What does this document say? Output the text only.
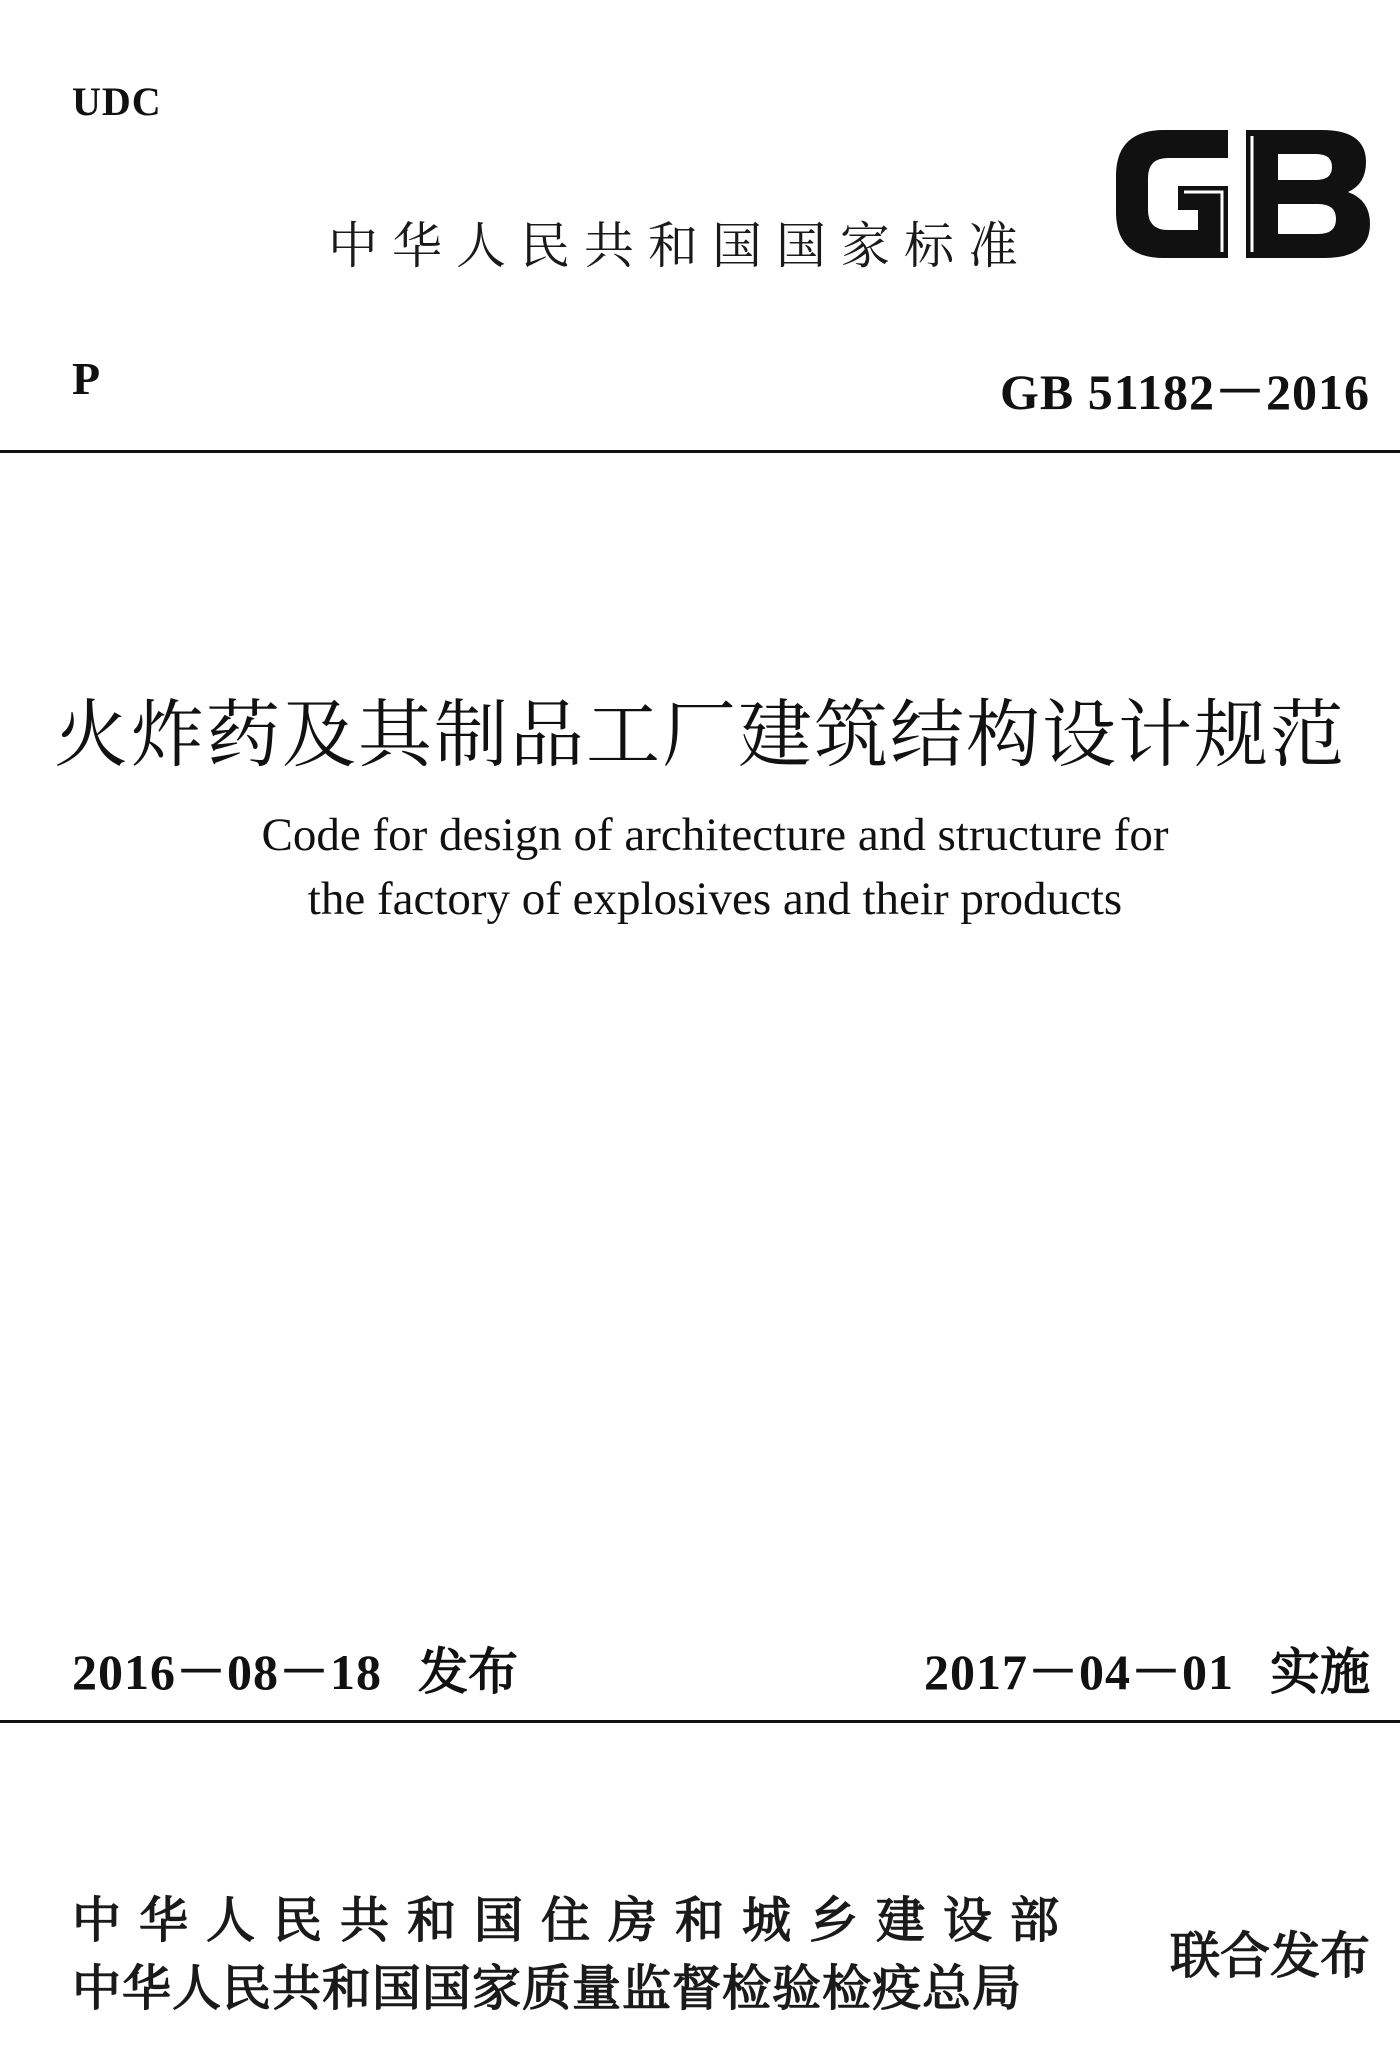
UDC
中华人民共和国国家标准
P	GB 51182－2016
火炸药及其制品工厂建筑结构设计规范
Code for design of architecture and structure for
the factory of explosives and their products
2016－08－18 发布	2017－04－01 实施
中华人民共和国住房和城乡建设部
中华人民共和国国家质量监督检验检疫总局
联合发布
